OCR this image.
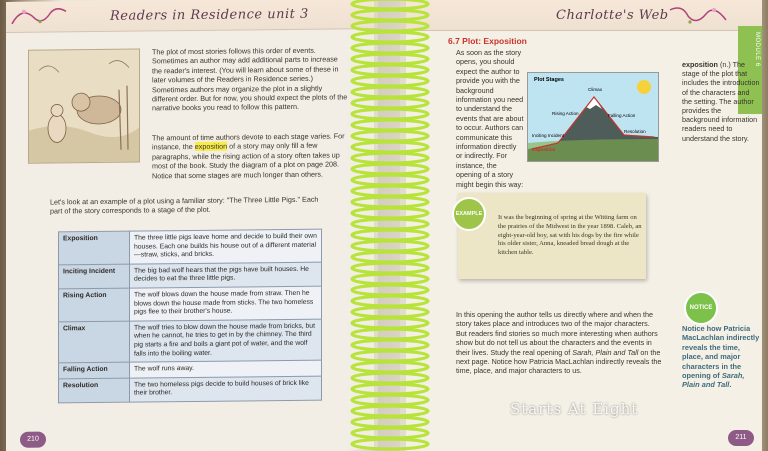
Readers in Residence unit 3
The plot of most stories follows this order of events. Sometimes an author may add additional parts to increase the reader's interest. (You will learn about some of these in later volumes of the Readers in Residence series.) Sometimes authors may organize the plot in a slightly different order. But for now, you should expect the plots of the narrative books you read to follow this pattern.
The amount of time authors devote to each stage varies. For instance, the exposition of a story may only fill a few paragraphs, while the rising action of a story often takes up most of the book. Study the diagram of a plot on page 208. Notice that some stages are much longer than others.
Let's look at an example of a plot using a familiar story: "The Three Little Pigs." Each part of the story corresponds to a stage of the plot.
Exposition	The three little pigs leave home and decide to build their own houses. Each one builds his house out of a different material—straw, sticks, and bricks.
Inciting Incident	The big bad wolf hears that the pigs have built houses. He decides to eat the three little pigs.
Rising Action	The wolf blows down the house made from straw. Then he blows down the house made from sticks. The two homeless pigs flee to their brother's house.
Climax	The wolf tries to blow down the house made from bricks, but when he cannot, he tries to get in by the chimney. The third pig starts a fire and boils a giant pot of water, and the wolf falls into the boiling water.
Falling Action	The wolf runs away.
Resolution	The two homeless pigs decide to build houses of brick like their brother.
210
Charlotte's Web
MODULE 6
6.7 Plot: Exposition
As soon as the story opens, you should expect the author to provide you with the background information you need to understand the events that are about to occur. Authors can communicate this information directly or indirectly. For instance, the opening of a story might begin this way:
Plot Stages
Climax
Falling Action
Rising Action
Inciting Incident
Resolution
Exposition
exposition (n.) The stage of the plot that includes the introduction of the characters and the setting. The author provides the background information readers need to understand the story.
EXAMPLE	It was the beginning of spring at the Witting farm on the prairies of the Midwest in the year 1898. Caleb, an eight-year-old boy, sat with his dogs by the fire while his older sister, Anna, kneaded bread dough at the kitchen table.
In this opening the author tells us directly where and when the story takes place and introduces two of the major characters. But readers find stories so much more interesting when authors show but do not tell us about the characters and the events in their lives. Study the real opening of Sarah, Plain and Tall on the next page. Notice how Patricia MacLachlan indirectly reveals the time, place, and major characters to us.
NOTICE
Notice how Patricia MacLachlan indirectly reveals the time, place, and major characters in the opening of Sarah, Plain and Tall.
211
Starts At Eight
